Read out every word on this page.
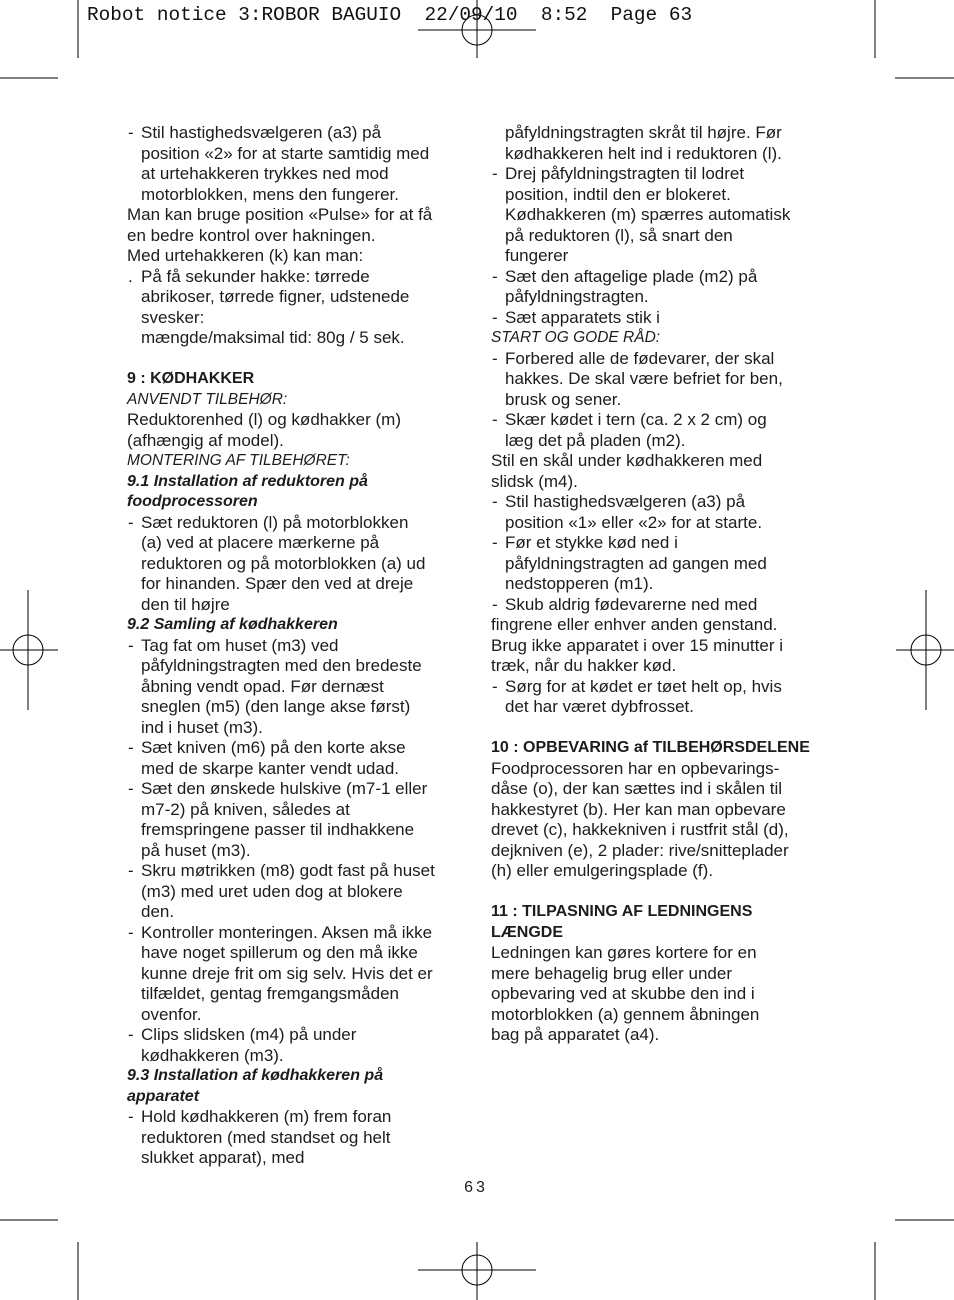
Robot notice 3:ROBOR BAGUIO  22/09/10  8:52  Page 63
- Stil hastighedsvælgeren (a3) på
position «2» for at starte samtidig med
at urtehakkeren trykkes ned mod
motorblokken, mens den fungerer.
Man kan bruge position «Pulse» for at få
en bedre kontrol over hakningen.
Med urtehakkeren (k) kan man:
. På få sekunder hakke: tørrede
abrikoser, tørrede figner, udstenede
svesker:
mængde/maksimal tid: 80g / 5 sek.
9 : KØDHAKKER
ANVENDT TILBEHØR:
Reduktorenhed (l) og kødhakker (m)
(afhængig af model).
MONTERING AF TILBEHØRET:
9.1 Installation af reduktoren på
foodprocessoren
- Sæt reduktoren (l) på motorblokken
(a) ved at placere mærkerne på
reduktoren og på motorblokken (a) ud
for hinanden. Spær den ved at dreje
den til højre
9.2 Samling af kødhakkeren
- Tag fat om huset (m3) ved
påfyldningstragten med den bredeste
åbning vendt opad. Før dernæst
sneglen (m5) (den lange akse først)
ind i huset (m3).
- Sæt kniven (m6) på den korte akse
med de skarpe kanter vendt udad.
- Sæt den ønskede hulskive (m7-1 eller
m7-2) på kniven, således at
fremspringene passer til indhakkene
på huset (m3).
- Skru møtrikken (m8) godt fast på huset
(m3) med uret uden dog at blokere
den.
- Kontroller monteringen. Aksen må ikke
have noget spillerum og den må ikke
kunne dreje frit om sig selv. Hvis det er
tilfældet, gentag fremgangsmåden
ovenfor.
- Clips slidsken (m4) på under
kødhakkeren (m3).
9.3 Installation af kødhakkeren på
apparatet
- Hold kødhakkeren (m) frem foran
reduktoren (med standset og helt
slukket apparat), med
påfyldningstragten skråt til højre. Før
kødhakkeren helt ind i reduktoren (l).
- Drej påfyldningstragten til lodret
position, indtil den er blokeret.
Kødhakkeren (m) spærres automatisk
på reduktoren (l), så snart den
fungerer
- Sæt den aftagelige plade (m2) på
påfyldningstragten.
- Sæt apparatets stik i
START OG GODE RÅD:
- Forbered alle de fødevarer, der skal
hakkes. De skal være befriet for ben,
brusk og sener.
- Skær kødet i tern (ca. 2 x 2 cm) og
læg det på pladen (m2).
Stil en skål under kødhakkeren med
slidsk (m4).
- Stil hastighedsvælgeren (a3) på
position «1» eller «2» for at starte.
- Før et stykke kød ned i
påfyldningstragten ad gangen med
nedstopperen (m1).
- Skub aldrig fødevarerne ned med
fingrene eller enhver anden genstand.
Brug ikke apparatet i over 15 minutter i
træk, når du hakker kød.
- Sørg for at kødet er tøet helt op, hvis
det har været dybfrosset.
10 : OPBEVARING af TILBEHØRSDELENE
Foodprocessoren har en opbevarings-
dåse (o), der kan sættes ind i skålen til
hakkestyret (b). Her kan man opbevare
drevet (c), hakkekniven i rustfrit stål (d),
dejkniven (e), 2 plader: rive/snitteplader
(h) eller emulgeringsplade (f).
11 : TILPASNING AF LEDNINGENS
LÆNGDE
Ledningen kan gøres kortere for en
mere behagelig brug eller under
opbevaring ved at skubbe den ind i
motorblokken (a) gennem åbningen
bag på apparatet (a4).
63
